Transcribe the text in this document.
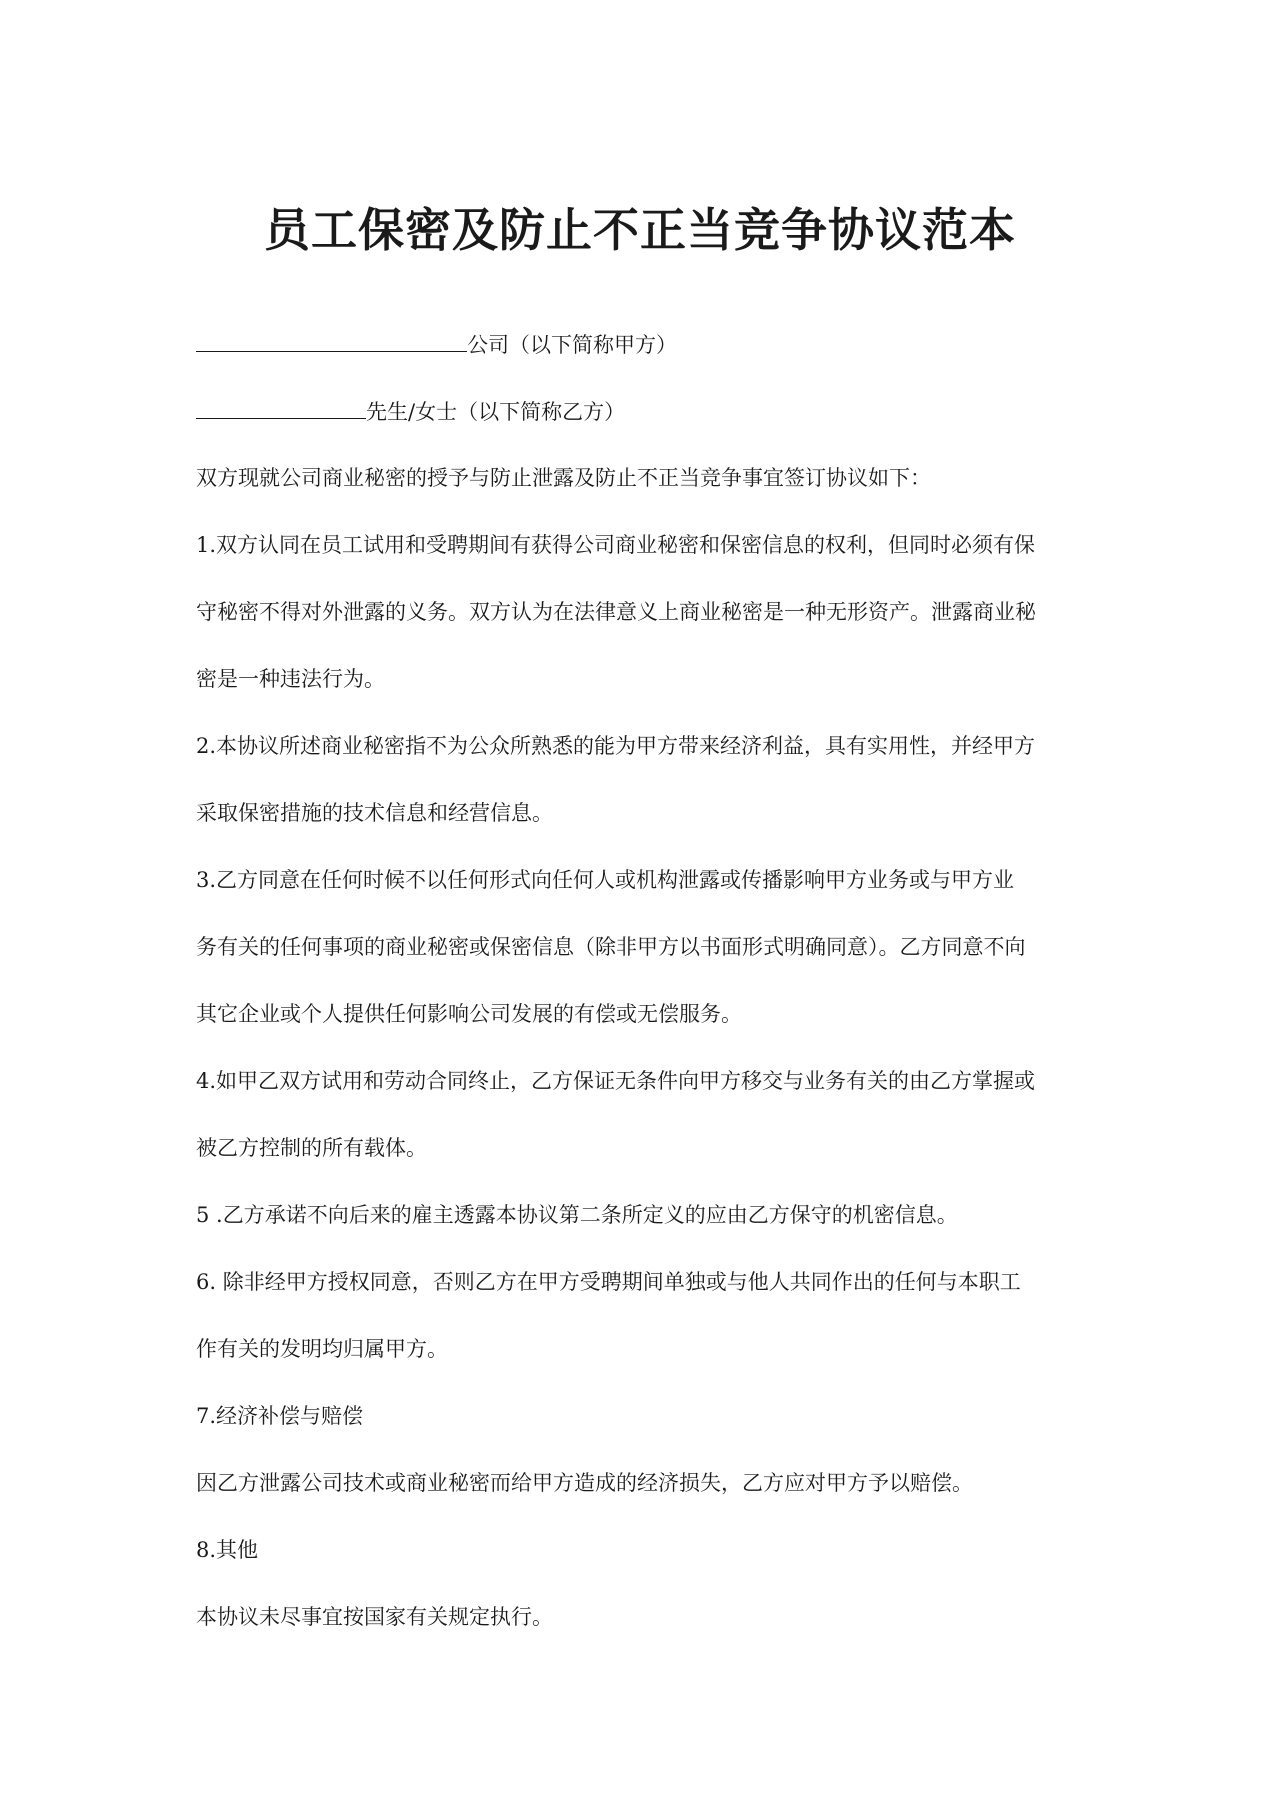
员工保密及防止不正当竞争协议范本
公司（以下简称甲方）
先生/女士（以下简称乙方）
双方现就公司商业秘密的授予与防止泄露及防止不正当竞争事宜签订协议如下：
1.双方认同在员工试用和受聘期间有获得公司商业秘密和保密信息的权利，但同时必须有保
守秘密不得对外泄露的义务。双方认为在法律意义上商业秘密是一种无形资产。泄露商业秘
密是一种违法行为。
2.本协议所述商业秘密指不为公众所熟悉的能为甲方带来经济利益，具有实用性，并经甲方
采取保密措施的技术信息和经营信息。
3.乙方同意在任何时候不以任何形式向任何人或机构泄露或传播影响甲方业务或与甲方业
务有关的任何事项的商业秘密或保密信息（除非甲方以书面形式明确同意）。乙方同意不向
其它企业或个人提供任何影响公司发展的有偿或无偿服务。
4.如甲乙双方试用和劳动合同终止，乙方保证无条件向甲方移交与业务有关的由乙方掌握或
被乙方控制的所有载体。
5 .乙方承诺不向后来的雇主透露本协议第二条所定义的应由乙方保守的机密信息。
6. 除非经甲方授权同意，否则乙方在甲方受聘期间单独或与他人共同作出的任何与本职工
作有关的发明均归属甲方。
7.经济补偿与赔偿
因乙方泄露公司技术或商业秘密而给甲方造成的经济损失，乙方应对甲方予以赔偿。
8.其他
本协议未尽事宜按国家有关规定执行。
